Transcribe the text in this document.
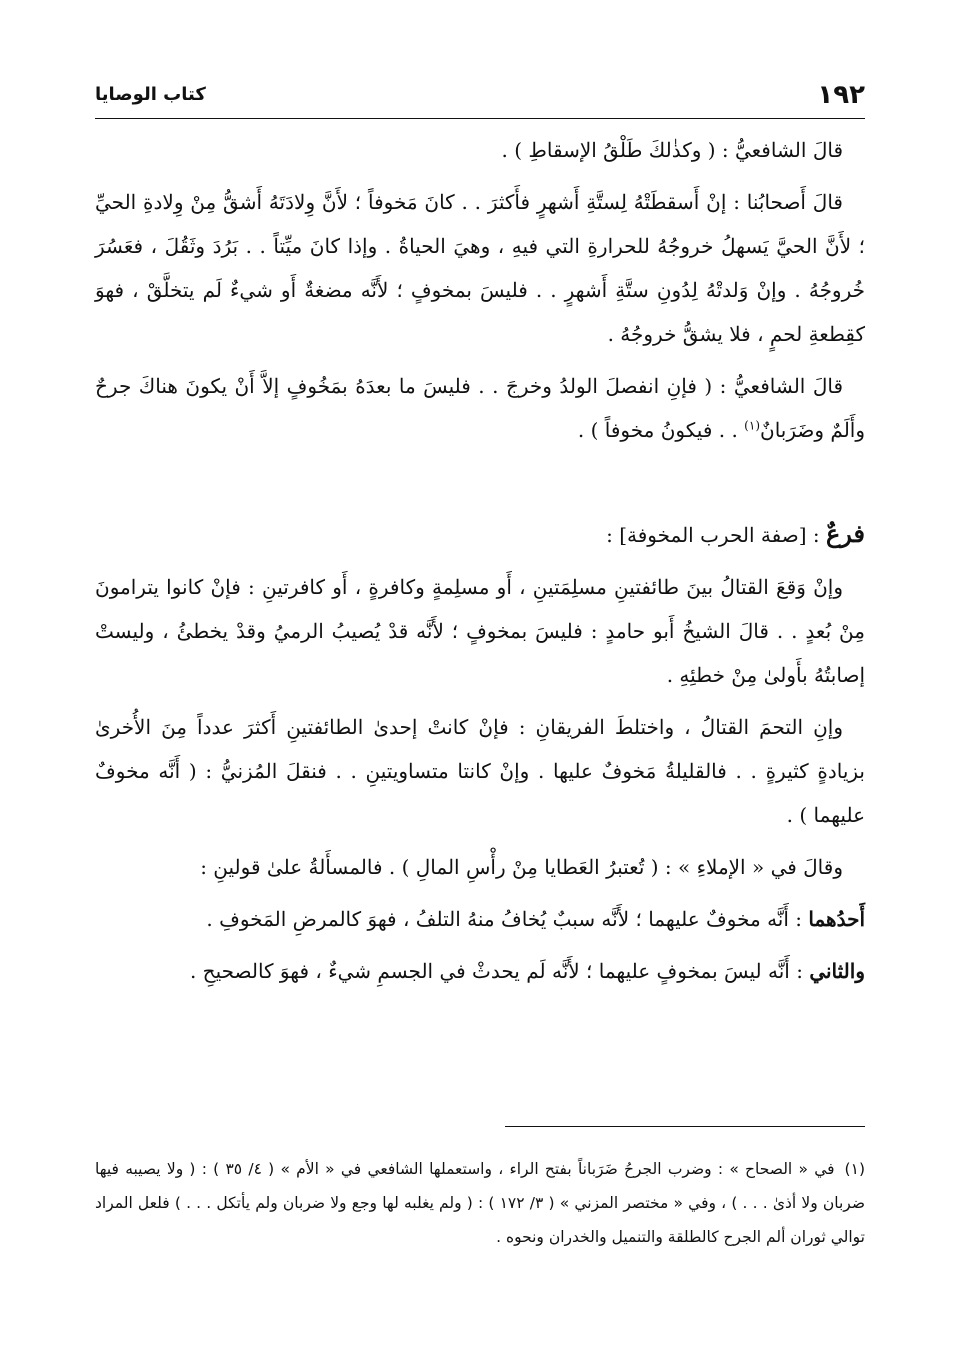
١٩٢
كتاب الوصايا

قالَ الشافعيُّ : ( وكذٰلكَ طَلْقُ الإسقاطِ ) .

قالَ أَصحابُنا : إنْ أَسقطَتْهُ لِستَّةِ أَشهرٍ فأَكثرَ . . كانَ مَخوفاً ؛ لأَنَّ وِلادَتَهُ أَشقُّ مِنْ وِلادةِ الحيِّ ؛ لأَنَّ الحيَّ يَسهلُ خروجُهُ للحرارةِ التي فيهِ ، وهيَ الحياةُ . وإذا كانَ ميِّتاً . . بَرُدَ وثَقُلَ ، فعَسُرَ خُروجُهُ . وإنْ وَلدتْهُ لِدُونِ ستَّةِ أَشهرٍ . . فليسَ بمخوفٍ ؛ لأَنَّه مضغةٌ أَو شيءٌ لَم يتخلَّقْ ، فهوَ كقِطعةِ لحمٍ ، فلا يشقُّ خروجُهُ .

قالَ الشافعيُّ : ( فإنِ انفصلَ الولدُ وخرجَ . . فليسَ ما بعدَهُ بمَخُوفٍ إلاَّ أَنْ يكونَ هناكَ جرحٌ وأَلَمٌ وضَرَبانٌ$^{(١)}$ . . فيكونُ مخوفاً ) .

فرعٌ : [صفة الحرب المخوفة] :

وإنْ وَقعَ القتالُ بينَ طائفتينِ مسلِمَتينِ ، أَو مسلِمةٍ وكافرةٍ ، أَو كافرتينِ : فإنْ كانوا يترامونَ مِنْ بُعدٍ . . قالَ الشيخُ أَبو حامدٍ : فليسَ بمخوفٍ ؛ لأَنَّه قدْ يُصيبُ الرميُ وقدْ يخطئُ ، وليستْ إصابتُهُ بأَولىٰ مِنْ خطئِهِ .

وإنِ التحمَ القتالُ ، واختلطَ الفريقانِ : فإنْ كانتْ إحدىٰ الطائفتينِ أَكثرَ عدداً مِنَ الأُخرىٰ بزيادةٍ كثيرةٍ . . فالقليلةُ مَخوفٌ عليها . وإنْ كانتا متساويتينِ . . فنقلَ المُزنيُّ : ( أَنَّه مخوفٌ عليهما ) .

وقالَ في « الإملاءِ » : ( تُعتبرُ العَطايا مِنْ رأْسِ المالِ ) . فالمسأَلةُ علىٰ قولينِ :

أَحدُهما : أَنَّه مخوفٌ عليهما ؛ لأَنَّه سببٌ يُخافُ منهُ التلفُ ، فهوَ كالمرضِ المَخوفِ .

والثاني : أَنَّه ليسَ بمخوفٍ عليهما ؛ لأَنَّه لَم يحدثْ في الجسمِ شيءٌ ، فهوَ كالصحيحِ .

(١)في « الصحاح » : وضرب الجرحُ ضَرَباناً بفتح الراء ، واستعملها الشافعي في « الأم » ( ٤/ ٣٥ ) : ( ولا يصيبه فيها ضربان ولا أذىٰ . . . ) ، وفي « مختصر المزني » ( ٣/ ١٧٢ ) : ( ولم يغلبه لها وجع ولا ضربان ولم يأتكل . . . ) فلعل المراد توالي ثوران ألم الجرح كالطلقة والتنميل والخدران ونحوه .
